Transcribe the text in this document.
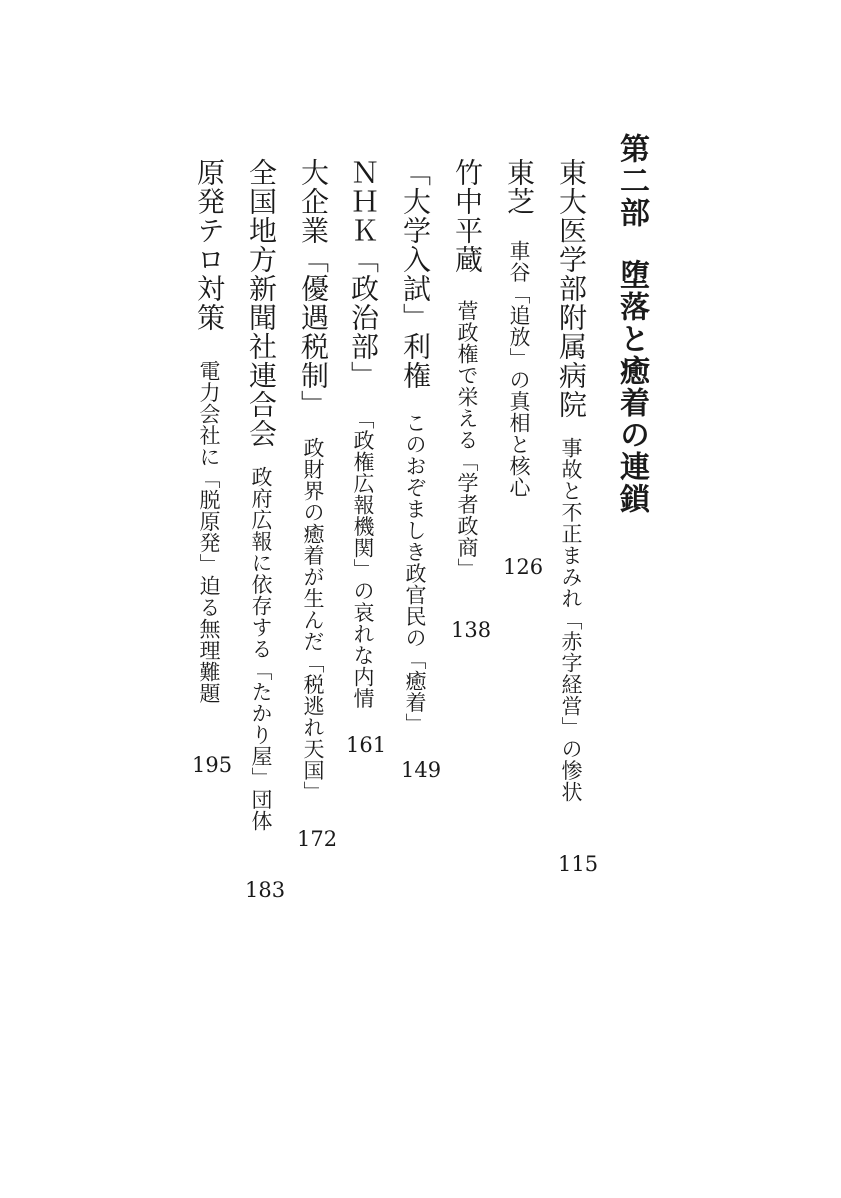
第二部堕落と癒着の連鎖
東大医学部附属病院事故と不正まみれ「赤字経営」の惨状
115
東芝車谷「追放」の真相と核心
126
竹中平蔵菅政権で栄える「学者政商」
138
「大学入試」利権このおぞましき政官民の「癒着」
149
ＮＨＫ「政治部」「政権広報機関」の哀れな内情
161
大企業「優遇税制」政財界の癒着が生んだ「税逃れ天国」
172
全国地方新聞社連合会政府広報に依存する「たかり屋」団体
183
原発テロ対策電力会社に「脱原発」迫る無理難題
195
